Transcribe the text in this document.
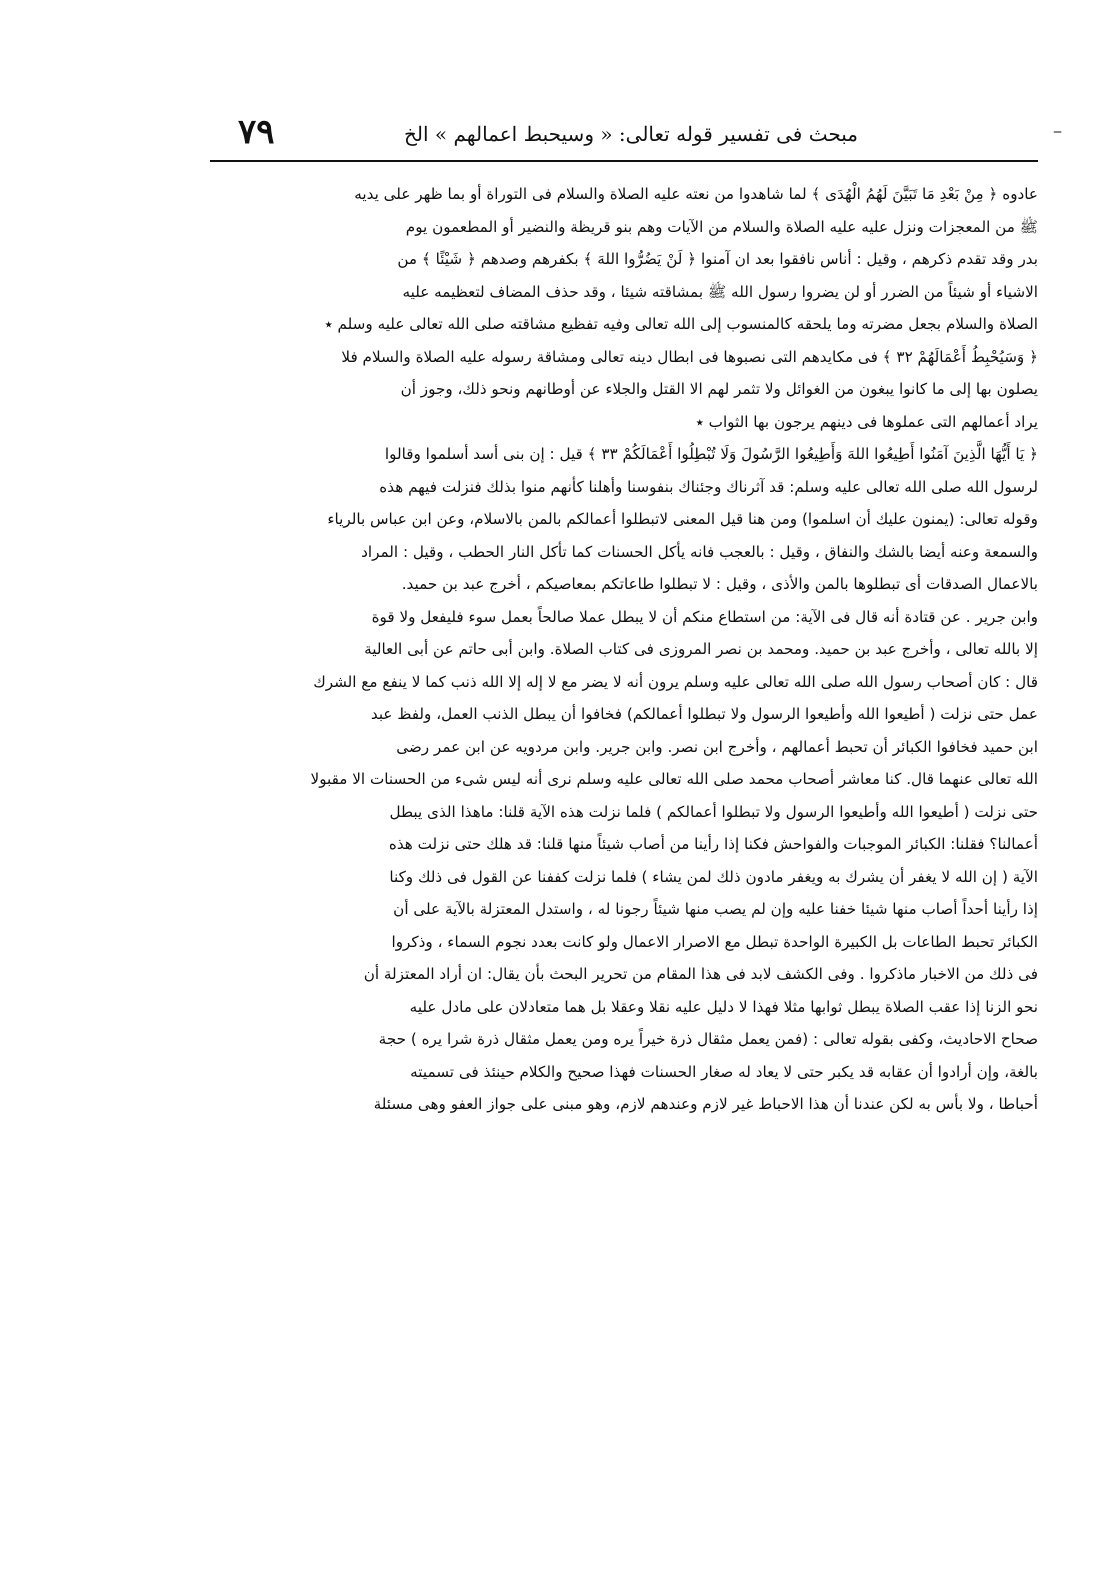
‒
مبحث فى تفسير قوله تعالى: « وسيحبط اعمالهم » الخ
٧٩
عادوه ﴿ مِنْ بَعْدِ مَا تَبَيَّنَ لَهُمُ الْهُدَى ﴾ لما شاهدوا من نعته عليه الصلاة والسلام فى التوراة أو بما ظهر على يديه
ﷺ من المعجزات ونزل عليه عليه الصلاة والسلام من الآيات وهم بنو قريظة والنضير أو المطعمون يوم
بدر وقد تقدم ذكرهم ، وقيل : أناس نافقوا بعد ان آمنوا ﴿ لَنْ يَضُرُّوا اللهَ ﴾ بكفرهم وصدهم ﴿ شَيْئًا ﴾ من
الاشياء أو شيئاً من الضرر أو لن يضروا رسول الله ﷺ بمشاقته شيئا ، وقد حذف المضاف لتعظيمه عليه
الصلاة والسلام بجعل مضرته وما يلحقه كالمنسوب إلى الله تعالى وفيه تفظيع مشاقته صلى الله تعالى عليه وسلم ٭
﴿ وَسَيُحْبِطُ أَعْمَالَهُمْ ٣٢ ﴾ فى مكايدهم التى نصبوها فى ابطال دينه تعالى ومشاقة رسوله عليه الصلاة والسلام فلا
يصلون بها إلى ما كانوا يبغون من الغوائل ولا تثمر لهم الا القتل والجلاء عن أوطانهم ونحو ذلك، وجوز أن
يراد أعمالهم التى عملوها فى دينهم يرجون بها الثواب ٭
﴿ يَا أَيُّهَا الَّذِينَ آمَنُوا أَطِيعُوا اللهَ وَأَطِيعُوا الرَّسُولَ وَلَا تُبْطِلُوا أَعْمَالَكُمْ ٣٣ ﴾ قيل : إن بنى أسد أسلموا وقالوا
لرسول الله صلى الله تعالى عليه وسلم: قد آثرناك وجئناك بنفوسنا وأهلنا كأنهم منوا بذلك فنزلت فيهم هذه
وقوله تعالى: (يمنون عليك أن اسلموا) ومن هنا قيل المعنى لاتبطلوا أعمالكم بالمن بالاسلام، وعن ابن عباس بالرياء
والسمعة وعنه أيضا بالشك والنفاق ، وقيل : بالعجب فانه يأكل الحسنات كما تأكل النار الحطب ، وقيل : المراد
بالاعمال الصدقات أى تبطلوها بالمن والأذى ، وقيل : لا تبطلوا طاعاتكم بمعاصيكم ، أخرج عبد بن حميد.
وابن جرير . عن قتادة أنه قال فى الآية: من استطاع منكم أن لا يبطل عملا صالحاً بعمل سوء فليفعل ولا قوة
إلا بالله تعالى ، وأخرج عبد بن حميد. ومحمد بن نصر المروزى فى كتاب الصلاة. وابن أبى حاتم عن أبى العالية
قال : كان أصحاب رسول الله صلى الله تعالى عليه وسلم يرون أنه لا يضر مع لا إله إلا الله ذنب كما لا ينفع مع الشرك
عمل حتى نزلت ( أطيعوا الله وأطيعوا الرسول ولا تبطلوا أعمالكم) فخافوا أن يبطل الذنب العمل، ولفظ عبد
ابن حميد فخافوا الكبائر أن تحبط أعمالهم ، وأخرج ابن نصر. وابن جرير. وابن مردويه عن ابن عمر رضى
الله تعالى عنهما قال. كنا معاشر أصحاب محمد صلى الله تعالى عليه وسلم نرى أنه ليس شىء من الحسنات الا مقبولا
حتى نزلت ( أطيعوا الله وأطيعوا الرسول ولا تبطلوا أعمالكم ) فلما نزلت هذه الآية قلنا: ماهذا الذى يبطل
أعمالنا؟ فقلنا: الكبائر الموجبات والفواحش فكنا إذا رأينا من أصاب شيئاً منها قلنا: قد هلك حتى نزلت هذه
الآية ( إن الله لا يغفر أن يشرك به ويغفر مادون ذلك لمن يشاء ) فلما نزلت كففنا عن القول فى ذلك وكنا
إذا رأينا أحداً أصاب منها شيئا خفنا عليه وإن لم يصب منها شيئاً رجونا له ، واستدل المعتزلة بالآية على أن
الكبائر تحبط الطاعات بل الكبيرة الواحدة تبطل مع الاصرار الاعمال ولو كانت بعدد نجوم السماء ، وذكروا
فى ذلك من الاخبار ماذكروا . وفى الكشف لابد فى هذا المقام من تحرير البحث بأن يقال: ان أراد المعتزلة أن
نحو الزنا إذا عقب الصلاة يبطل ثوابها مثلا فهذا لا دليل عليه نقلا وعقلا بل هما متعادلان على مادل عليه
صحاح الاحاديث، وكفى بقوله تعالى : (فمن يعمل مثقال ذرة خيراً يره ومن يعمل مثقال ذرة شرا يره ) حجة
بالغة، وإن أرادوا أن عقابه قد يكبر حتى لا يعاد له صغار الحسنات فهذا صحيح والكلام حينئذ فى تسميته
أحباطا ، ولا بأس به لكن عندنا أن هذا الاحباط غير لازم وعندهم لازم، وهو مبنى على جواز العفو وهى مسئلة
